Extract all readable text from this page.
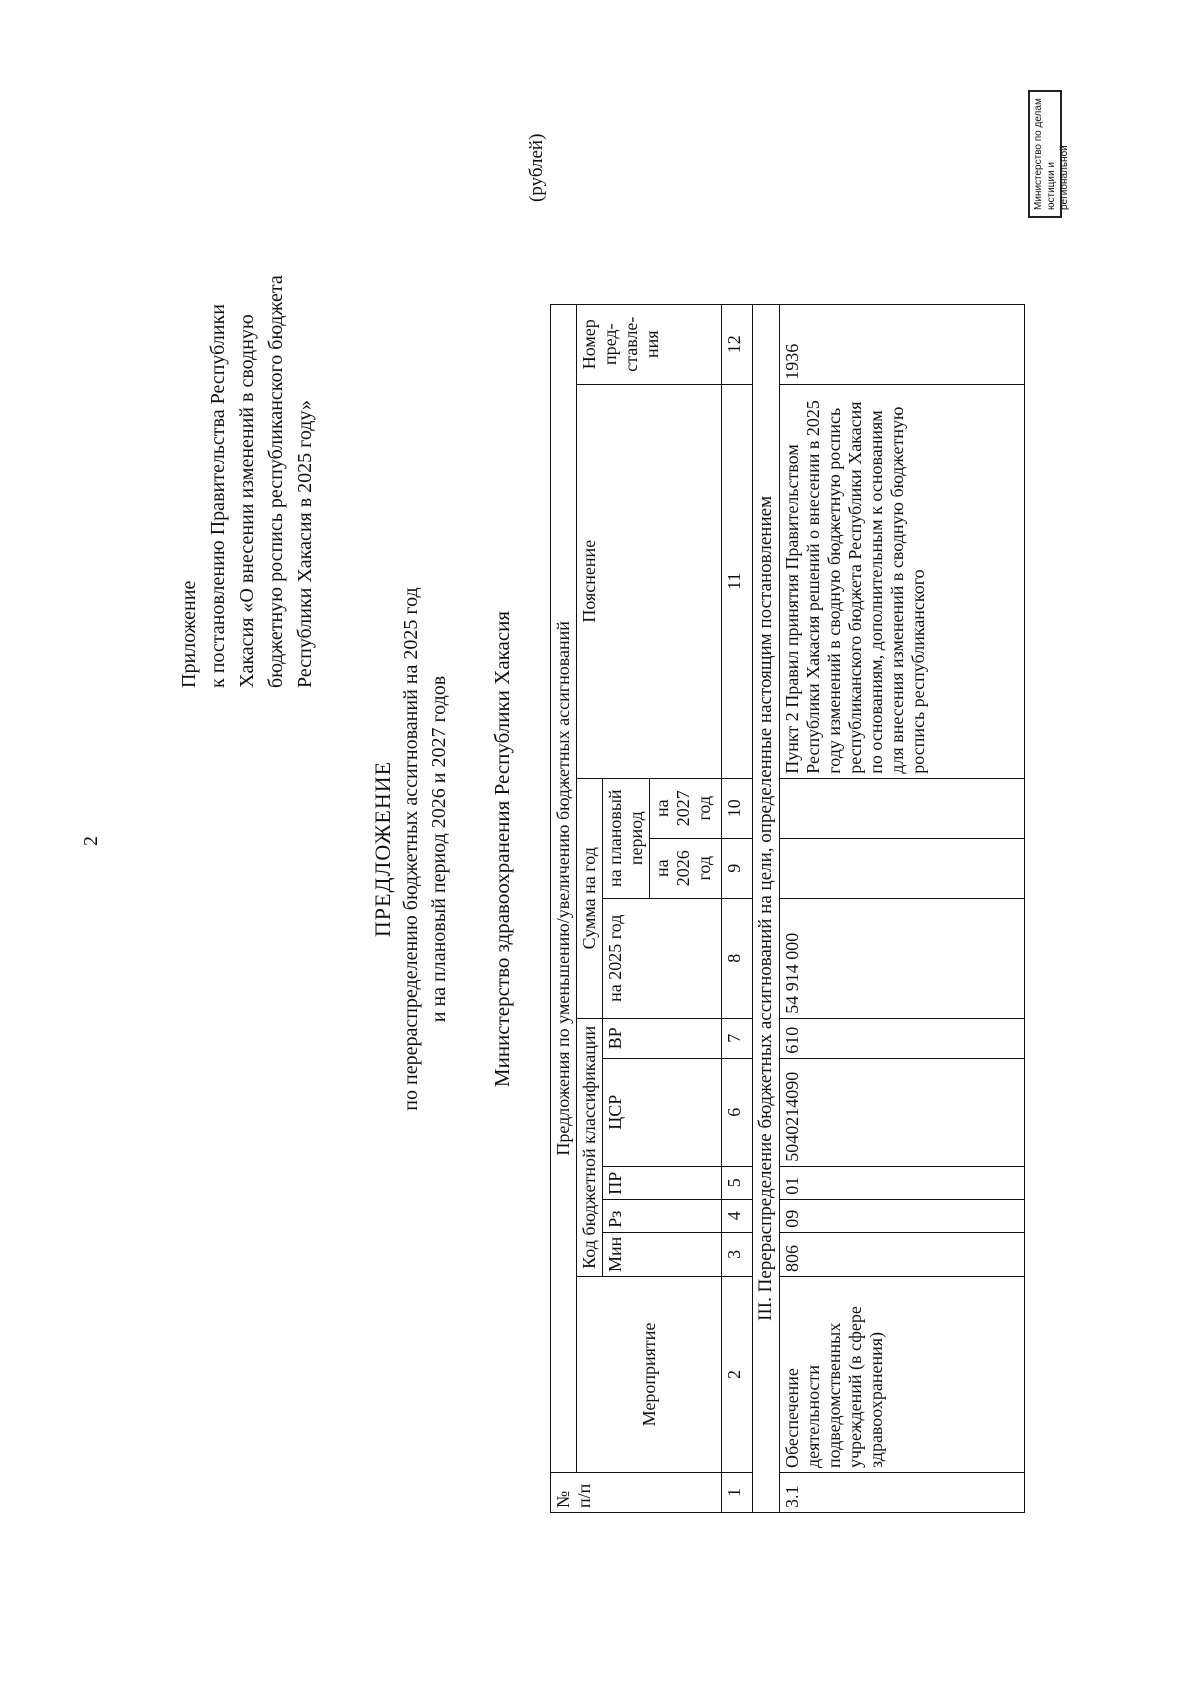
2
Приложение к постановлению Правительства Республики Хакасия «О внесении изменений в сводную бюджетную роспись республиканского бюджета Республики Хакасия в 2025 году»
ПРЕДЛОЖЕНИЕ по перераспределению бюджетных ассигнований на 2025 год и на плановый период 2026 и 2027 годов Министерство здравоохранения Республики Хакасия
(рублей)
№ п/п	Предложения по уменьшению/увеличению бюджетных ассигнований										
	Мероприятие	Код бюджетной классификации					Сумма на год			Пояснение	Номер пред-ставле-ния
		Мин	Рз	ПР	ЦСР	ВР	на 2025 год	на плановый период			
								на 2026 год	на 2027 год		
1	2	3	4	5	6	7	8	9	10	11	12
III. Перераспределение бюджетных ассигнований на цели, определенные настоящим постановлением											
3.1	Обеспечение деятельности подведомственных учреждений (в сфере здравоохранения)	806	09	01	5040214090	610	54 914 000			Пункт 2 Правил принятия Правительством Республики Хакасия решений о внесении в 2025 году изменений в сводную бюджетную роспись республиканского бюджета Республики Хакасия по основаниям, дополнительным к основаниям для внесения изменений в сводную бюджетную роспись республиканского	1936
Министерство по делам юстиции и региональной
